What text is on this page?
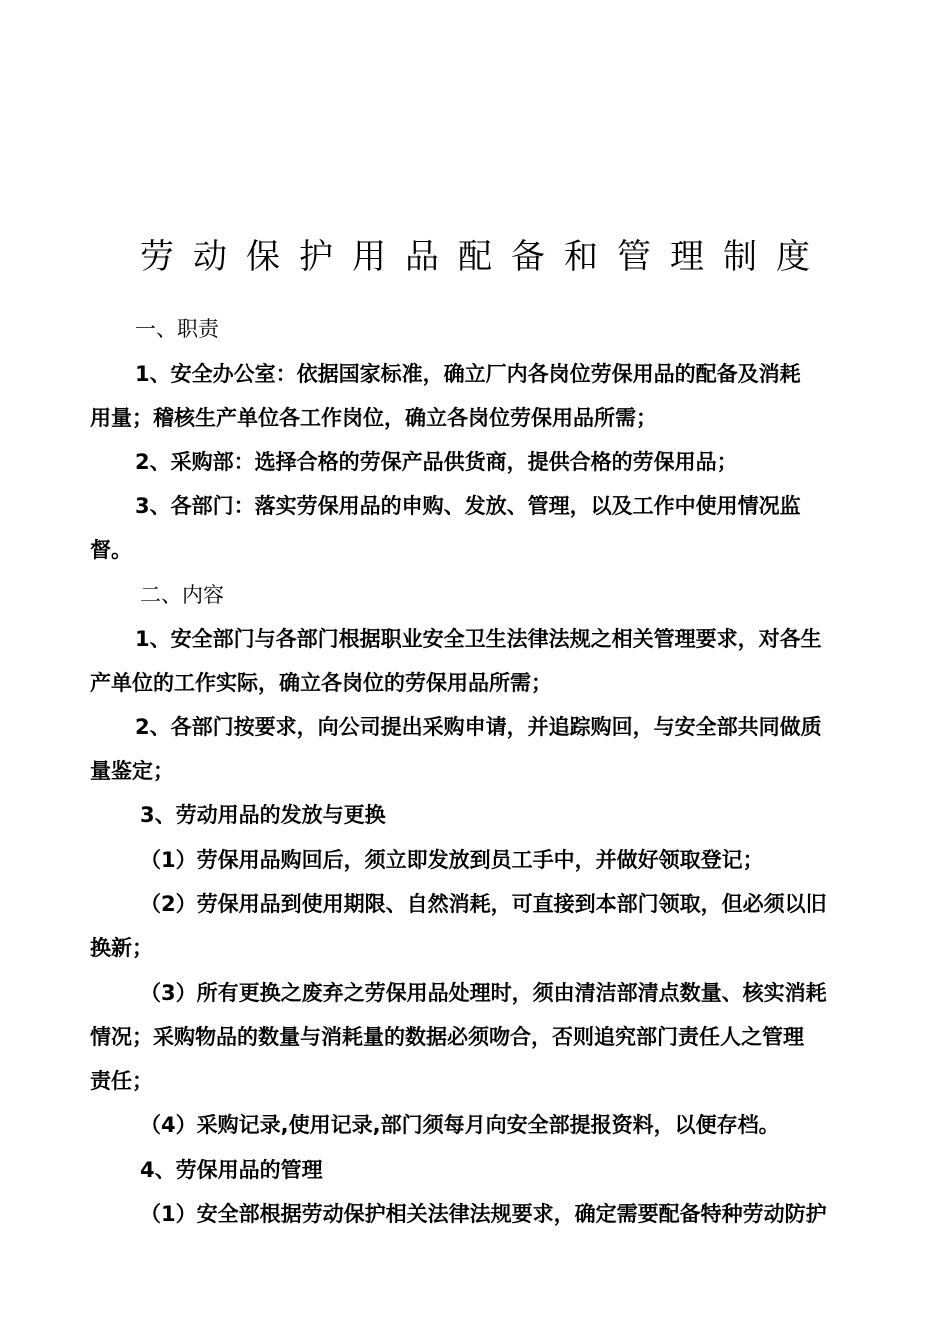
劳动保护用品配备和管理制度
一、职责
1、安全办公室：依据国家标准，确立厂内各岗位劳保用品的配备及消耗
用量；稽核生产单位各工作岗位，确立各岗位劳保用品所需；
2、采购部：选择合格的劳保产品供货商，提供合格的劳保用品；
3、各部门：落实劳保用品的申购、发放、管理，以及工作中使用情况监
督。
二、内容
1、安全部门与各部门根据职业安全卫生法律法规之相关管理要求，对各生
产单位的工作实际，确立各岗位的劳保用品所需；
2、各部门按要求，向公司提出采购申请，并追踪购回，与安全部共同做质
量鉴定；
3、劳动用品的发放与更换
（1）劳保用品购回后，须立即发放到员工手中，并做好领取登记；
（2）劳保用品到使用期限、自然消耗，可直接到本部门领取，但必须以旧
换新；
（3）所有更换之废弃之劳保用品处理时，须由清洁部清点数量、核实消耗
情况；采购物品的数量与消耗量的数据必须吻合，否则追究部门责任人之管理
责任；
（4）采购记录,使用记录,部门须每月向安全部提报资料，以便存档。
4、劳保用品的管理
（1）安全部根据劳动保护相关法律法规要求，确定需要配备特种劳动防护
